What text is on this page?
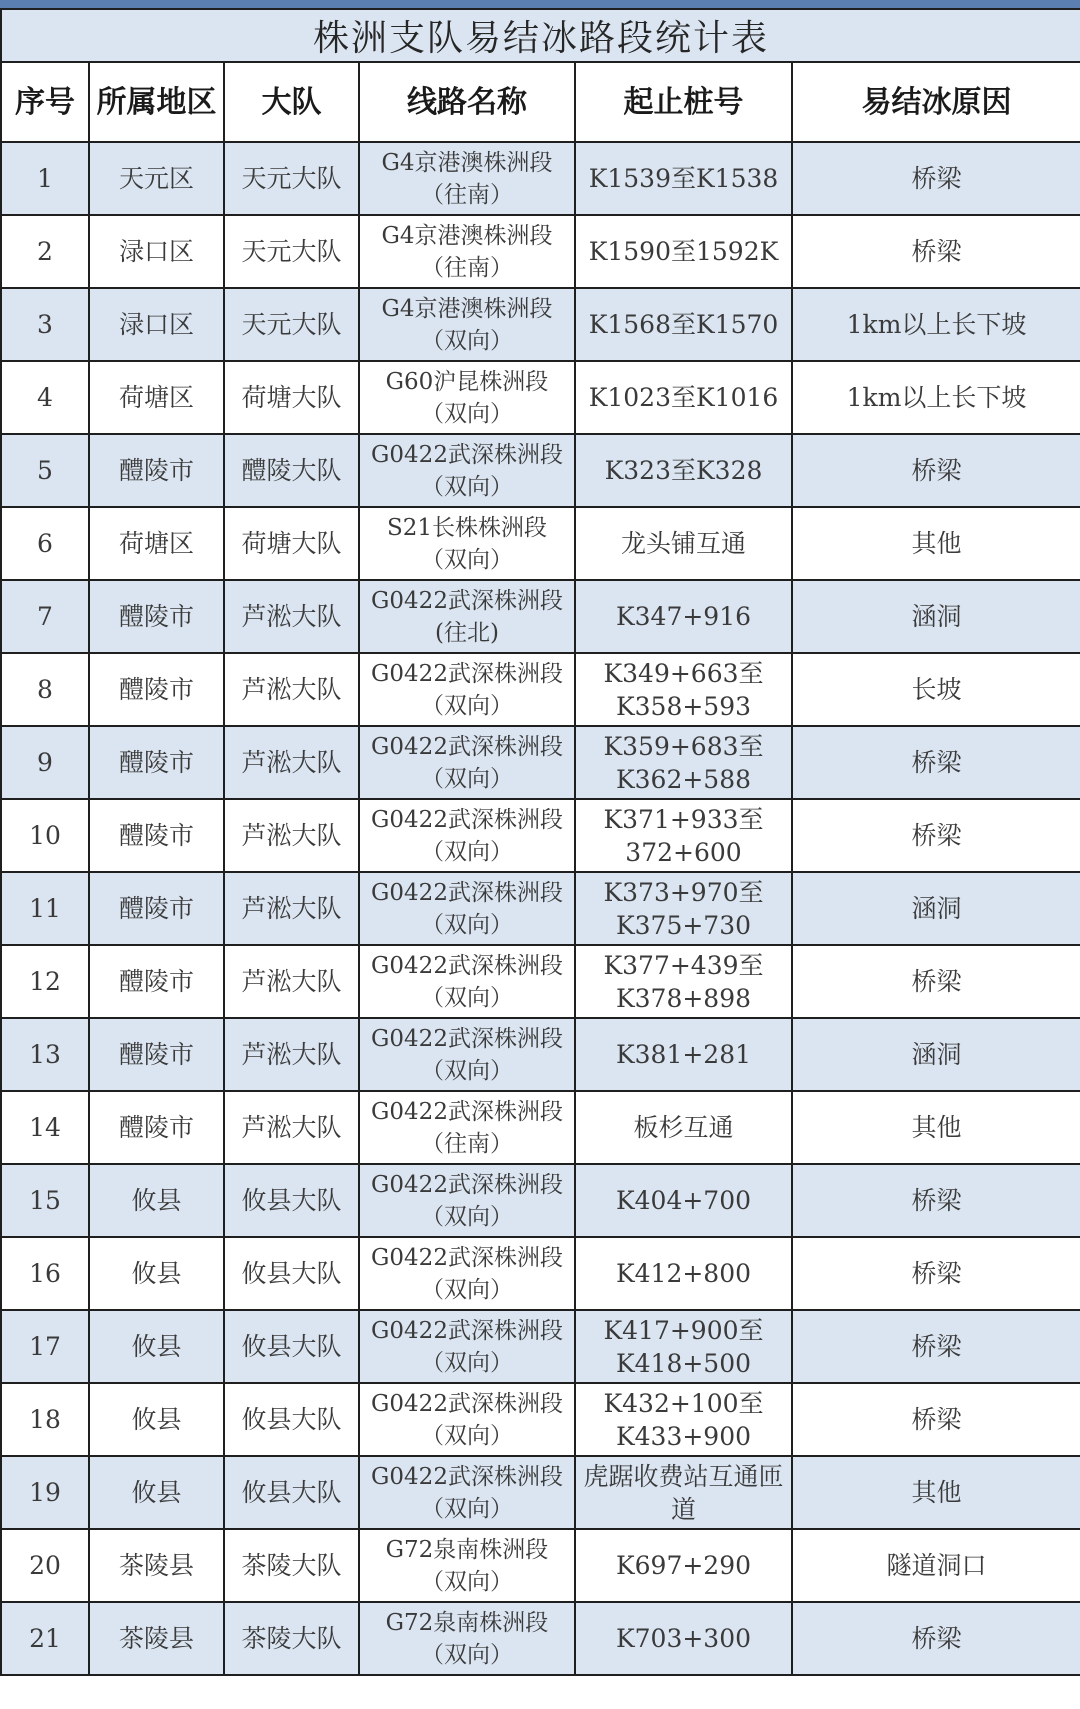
株洲支队易结冰路段统计表					
序号	所属地区	大队	线路名称	起止桩号	易结冰原因
1	天元区	天元大队	G4京港澳株洲段（往南）	K1539至K1538	桥梁
2	渌口区	天元大队	G4京港澳株洲段（往南）	K1590至1592K	桥梁
3	渌口区	天元大队	G4京港澳株洲段（双向）	K1568至K1570	1km以上长下坡
4	荷塘区	荷塘大队	G60沪昆株洲段（双向）	K1023至K1016	1km以上长下坡
5	醴陵市	醴陵大队	G0422武深株洲段（双向）	K323至K328	桥梁
6	荷塘区	荷塘大队	S21长株株洲段（双向）	龙头铺互通	其他
7	醴陵市	芦淞大队	G0422武深株洲段(往北)	K347+916	涵洞
8	醴陵市	芦淞大队	G0422武深株洲段（双向）	K349+663至K358+593	长坡
9	醴陵市	芦淞大队	G0422武深株洲段（双向）	K359+683至K362+588	桥梁
10	醴陵市	芦淞大队	G0422武深株洲段（双向）	K371+933至372+600	桥梁
11	醴陵市	芦淞大队	G0422武深株洲段（双向）	K373+970至K375+730	涵洞
12	醴陵市	芦淞大队	G0422武深株洲段（双向）	K377+439至K378+898	桥梁
13	醴陵市	芦淞大队	G0422武深株洲段（双向）	K381+281	涵洞
14	醴陵市	芦淞大队	G0422武深株洲段（往南）	板杉互通	其他
15	攸县	攸县大队	G0422武深株洲段（双向）	K404+700	桥梁
16	攸县	攸县大队	G0422武深株洲段（双向）	K412+800	桥梁
17	攸县	攸县大队	G0422武深株洲段（双向）	K417+900至K418+500	桥梁
18	攸县	攸县大队	G0422武深株洲段（双向）	K432+100至K433+900	桥梁
19	攸县	攸县大队	G0422武深株洲段（双向）	虎踞收费站互通匝道	其他
20	茶陵县	茶陵大队	G72泉南株洲段（双向）	K697+290	隧道洞口
21	茶陵县	茶陵大队	G72泉南株洲段（双向）	K703+300	桥梁
